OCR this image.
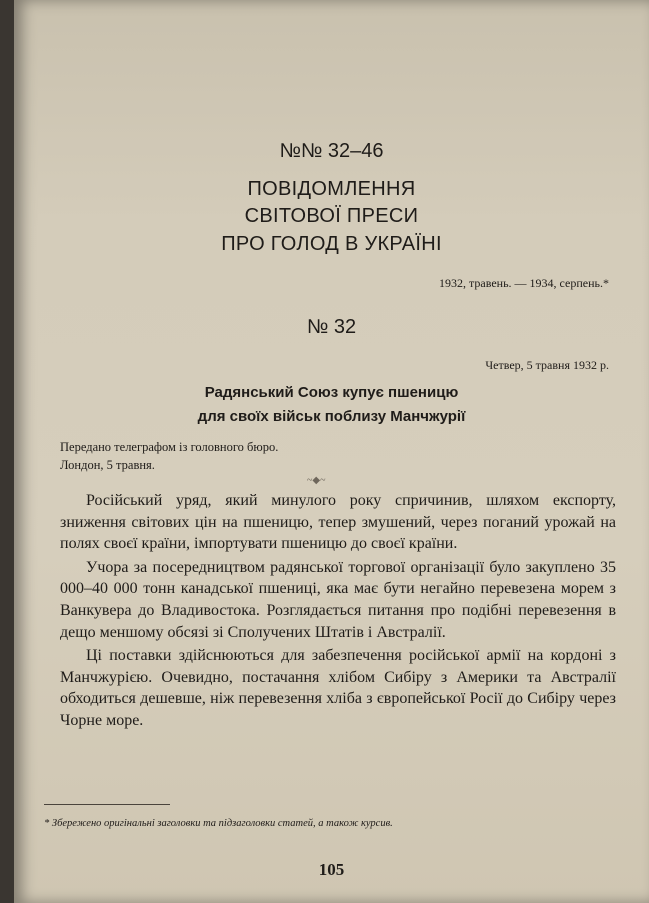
№№ 32–46
ПОВІДОМЛЕННЯ
СВІТОВОЇ ПРЕСИ
ПРО ГОЛОД В УКРАЇНІ
1932, травень. — 1934, серпень.*
№ 32
Четвер, 5 травня 1932 р.
Радянський Союз купує пшеницю
для своїх військ поблизу Манчжурії
Передано телеграфом із головного бюро.
Лондон, 5 травня.
~◆~

Російський уряд, який минулого року спричинив, шляхом експорту, зниження світових цін на пшеницю, тепер змушений, через поганий урожай на полях своєї країни, імпортувати пшеницю до своєї країни.

Учора за посередництвом радянської торгової організації було закуплено 35 000–40 000 тонн канадської пшениці, яка має бути негайно перевезена морем з Ванкувера до Владивостока. Розглядається питання про подібні перевезення в дещо меншому обсязі зі Сполучених Штатів і Австралії.

Ці поставки здійснюються для забезпечення російської армії на кордоні з Манчжурією. Очевидно, постачання хлібом Сибіру з Америки та Австралії обходиться дешевше, ніж перевезення хліба з європейської Росії до Сибіру через Чорне море.

* Збережено оригінальні заголовки та підзаголовки статей, а також курсив.
105
